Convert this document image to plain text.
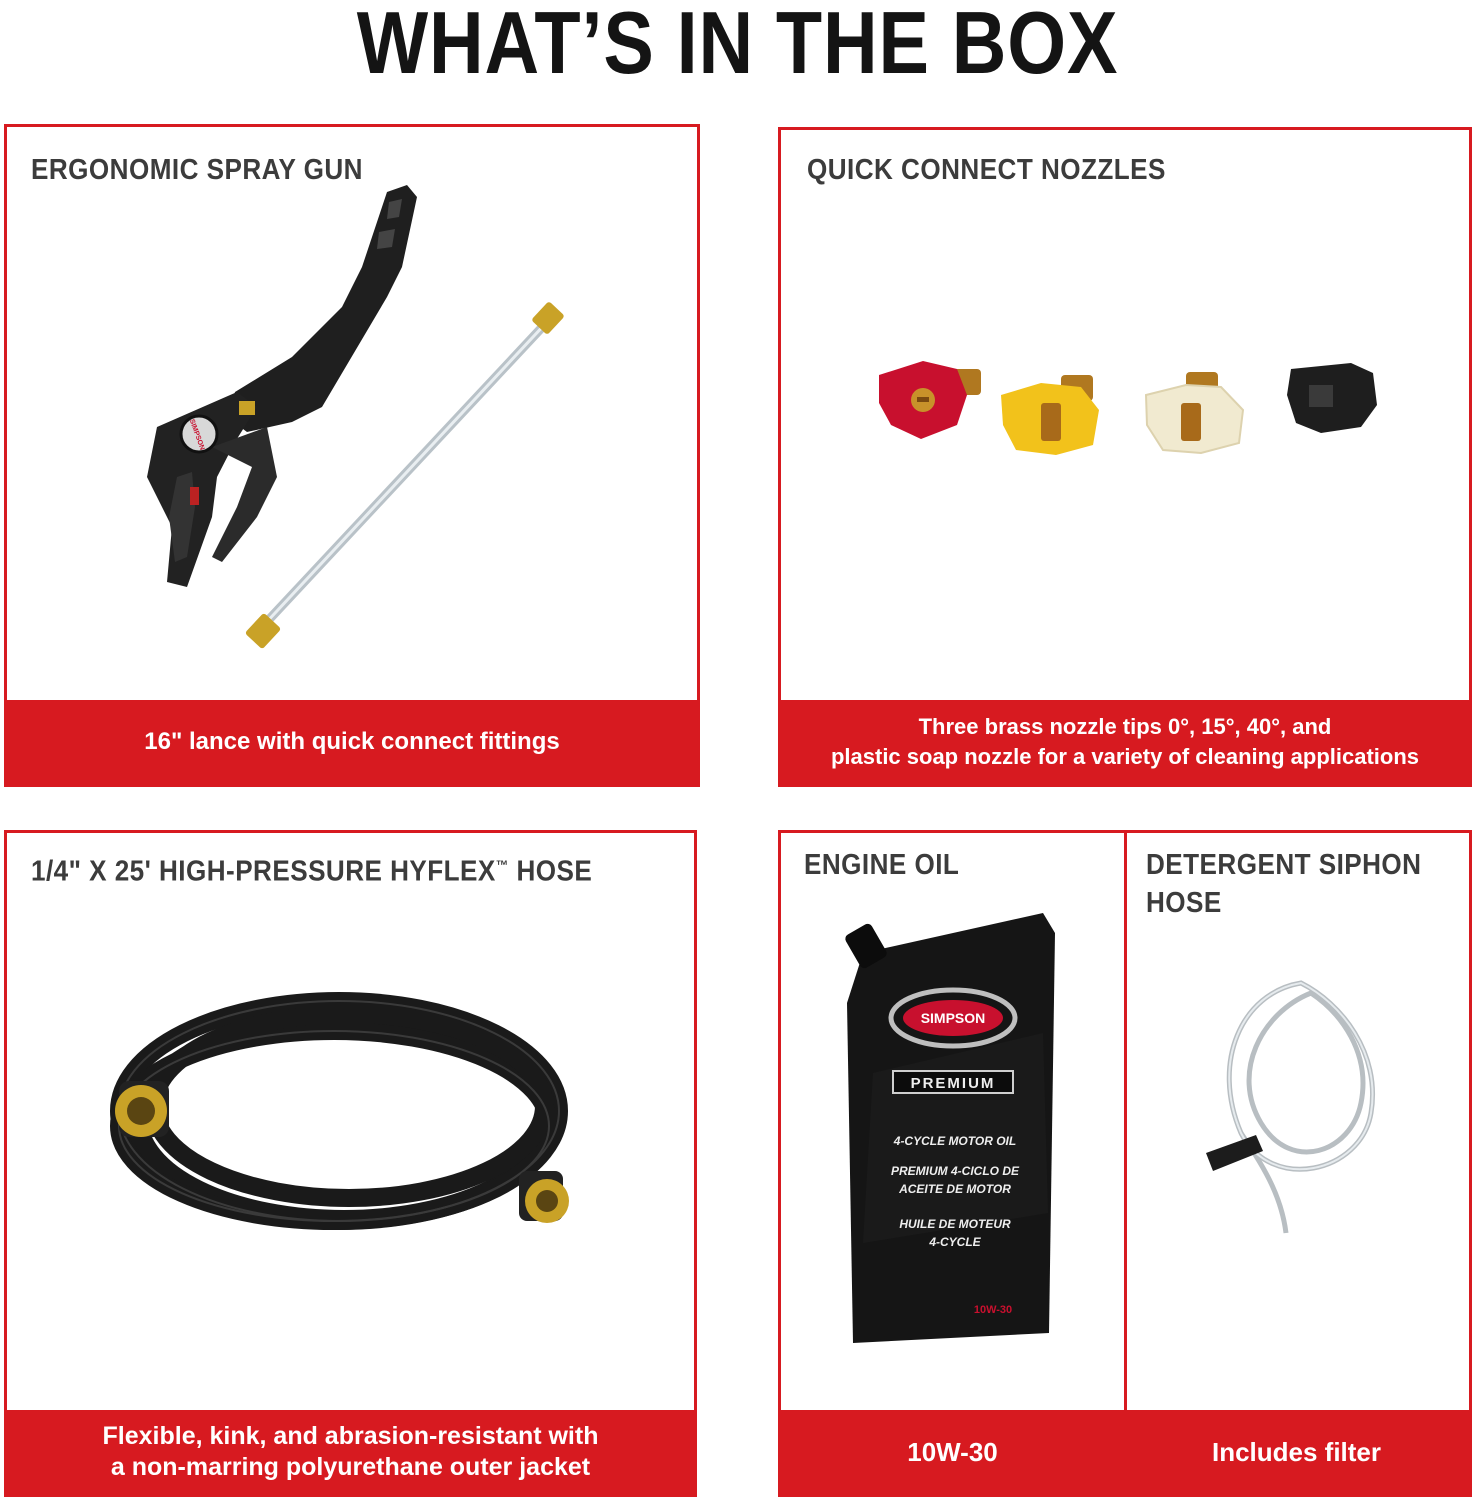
WHAT’S IN THE BOX
ERGONOMIC SPRAY GUN
SIMPSON
16" lance with quick connect fittings
QUICK CONNECT NOZZLES
Three brass nozzle tips 0°, 15°, 40°, and
plastic soap nozzle for a variety of cleaning applications
1/4" X 25' HIGH-PRESSURE HYFLEX™ HOSE
Flexible, kink, and abrasion-resistant with
a non-marring polyurethane outer jacket
ENGINE OIL
SIMPSON
PREMIUM
4-CYCLE MOTOR OIL
PREMIUM 4-CICLO DE
ACEITE DE MOTOR
HUILE DE MOTEUR
4-CYCLE
10W-30
DETERGENT SIPHON
HOSE
10W-30	Includes filter
